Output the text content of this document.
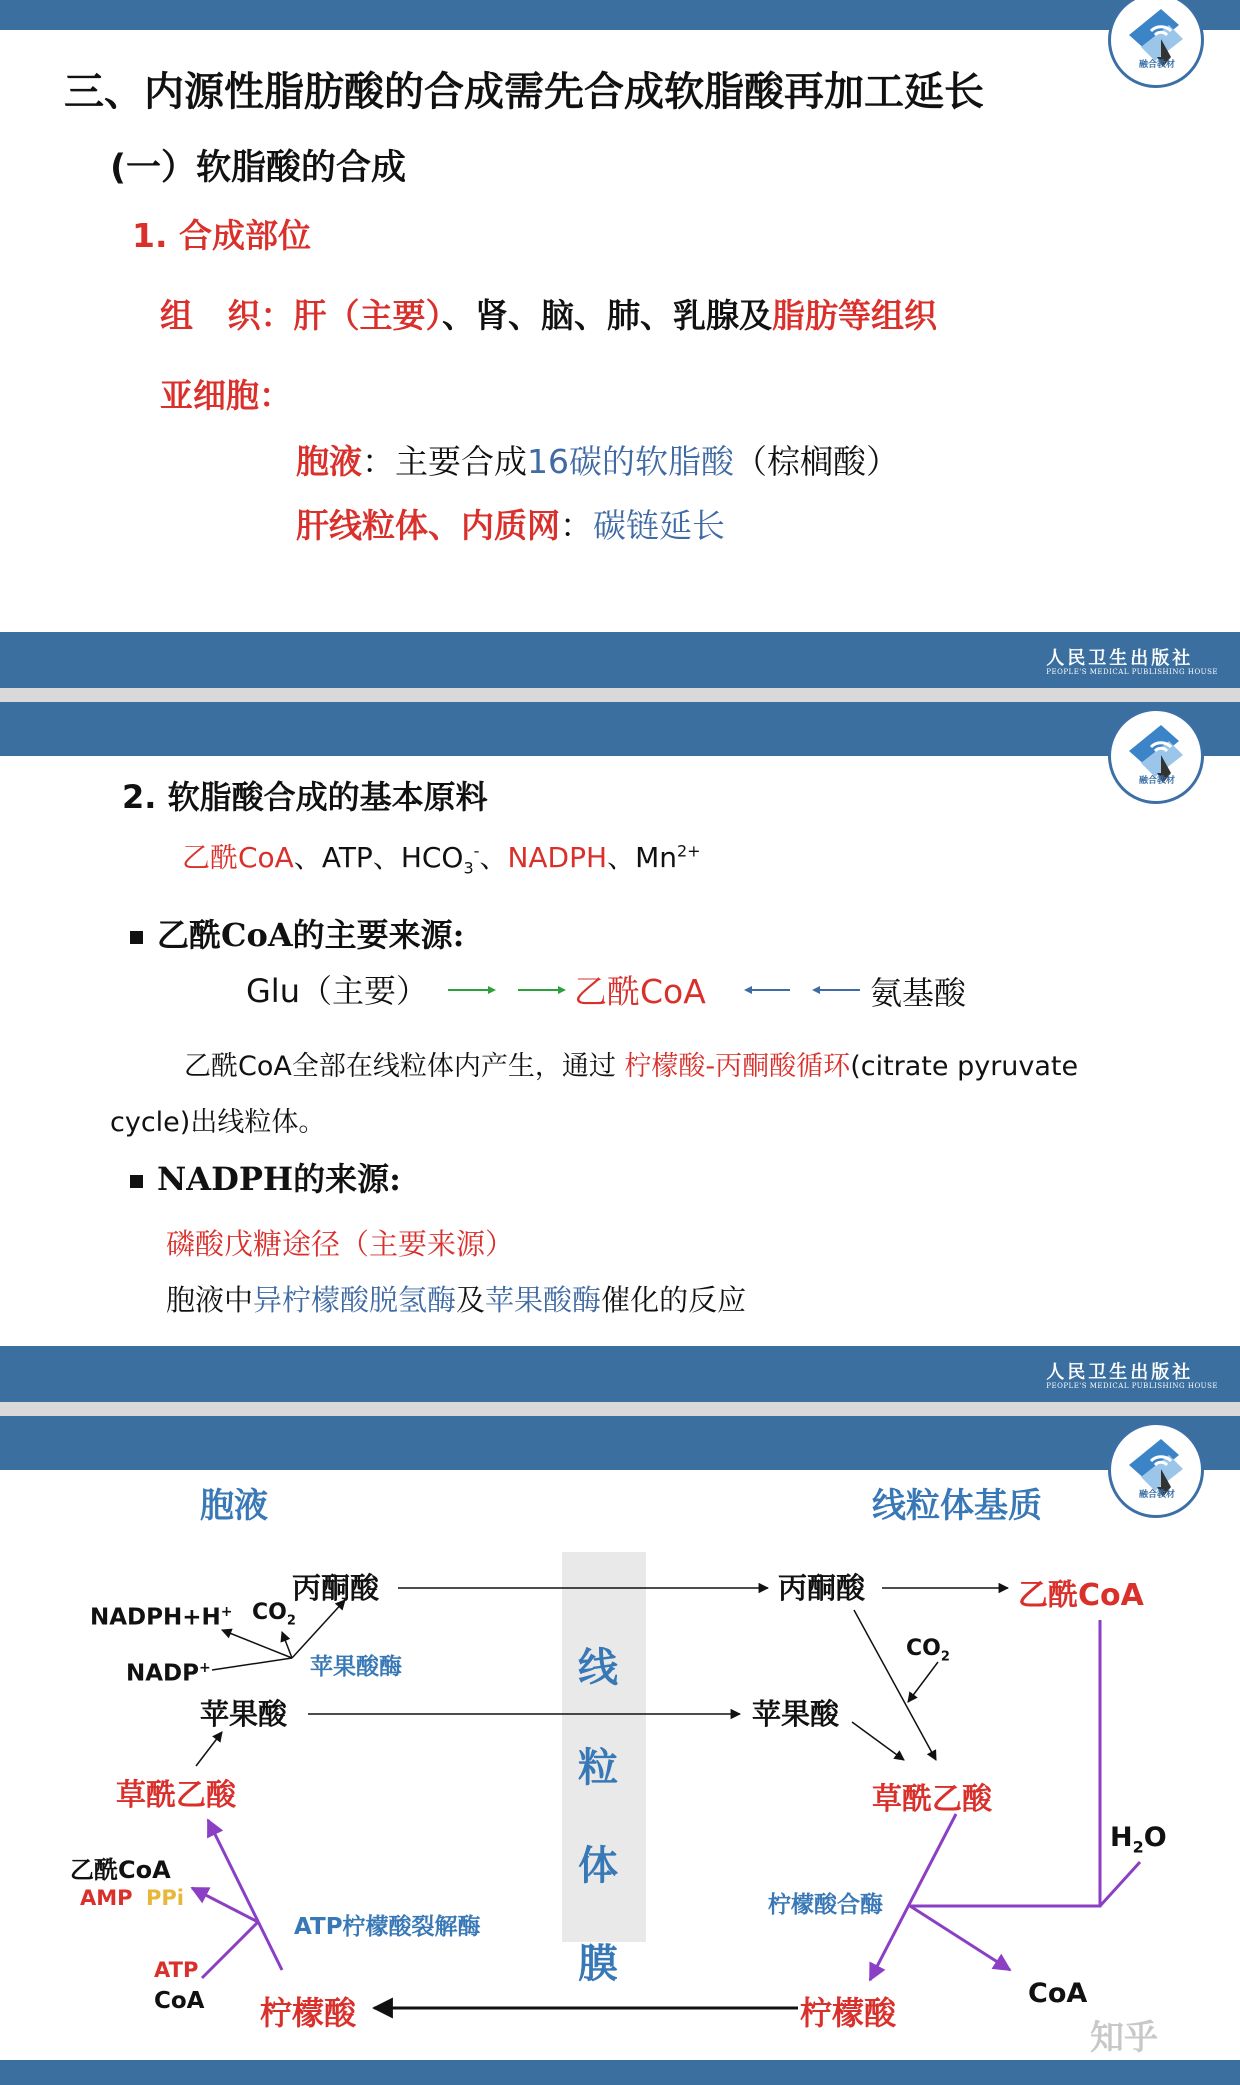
融合教材
三、内源性脂肪酸的合成需先合成软脂酸再加工延长
(一）软脂酸的合成
1. 合成部位
组   织：肝（主要）、肾、脑、肺、乳腺及脂肪等组织
亚细胞：
胞液：主要合成16碳的软脂酸（棕榈酸）
肝线粒体、内质网：碳链延长
人民卫生出版社
PEOPLE'S MEDICAL PUBLISHING HOUSE
融合教材
2. 软脂酸合成的基本原料
乙酰CoA、ATP、$HCO_3^-$、NADPH、$Mn^{2+}$
乙酰CoA的主要来源:
Glu（主要）	乙酰CoA	氨基酸
乙酰CoA全部在线粒体内产生，通过 柠檬酸-丙酮酸循环(citrate pyruvate
cycle)出线粒体。
NADPH的来源:
磷酸戊糖途径（主要来源）
胞液中异柠檬酸脱氢酶及苹果酸酶催化的反应
人民卫生出版社
PEOPLE'S MEDICAL PUBLISHING HOUSE
融合教材
胞液	线粒体基质
线
粒
体
膜
丙酮酸
NADPH+H+ $CO_2$
苹果酸酶
NADP+
苹果酸
草酰乙酸
乙酰CoA
AMP PPi
ATP柠檬酸裂解酶
ATP
CoA 柠檬酸
丙酮酸	乙酰CoA
$CO_2$
苹果酸
草酰乙酸
$H_2O$
柠檬酸合酶
CoA
柠檬酸
知乎
